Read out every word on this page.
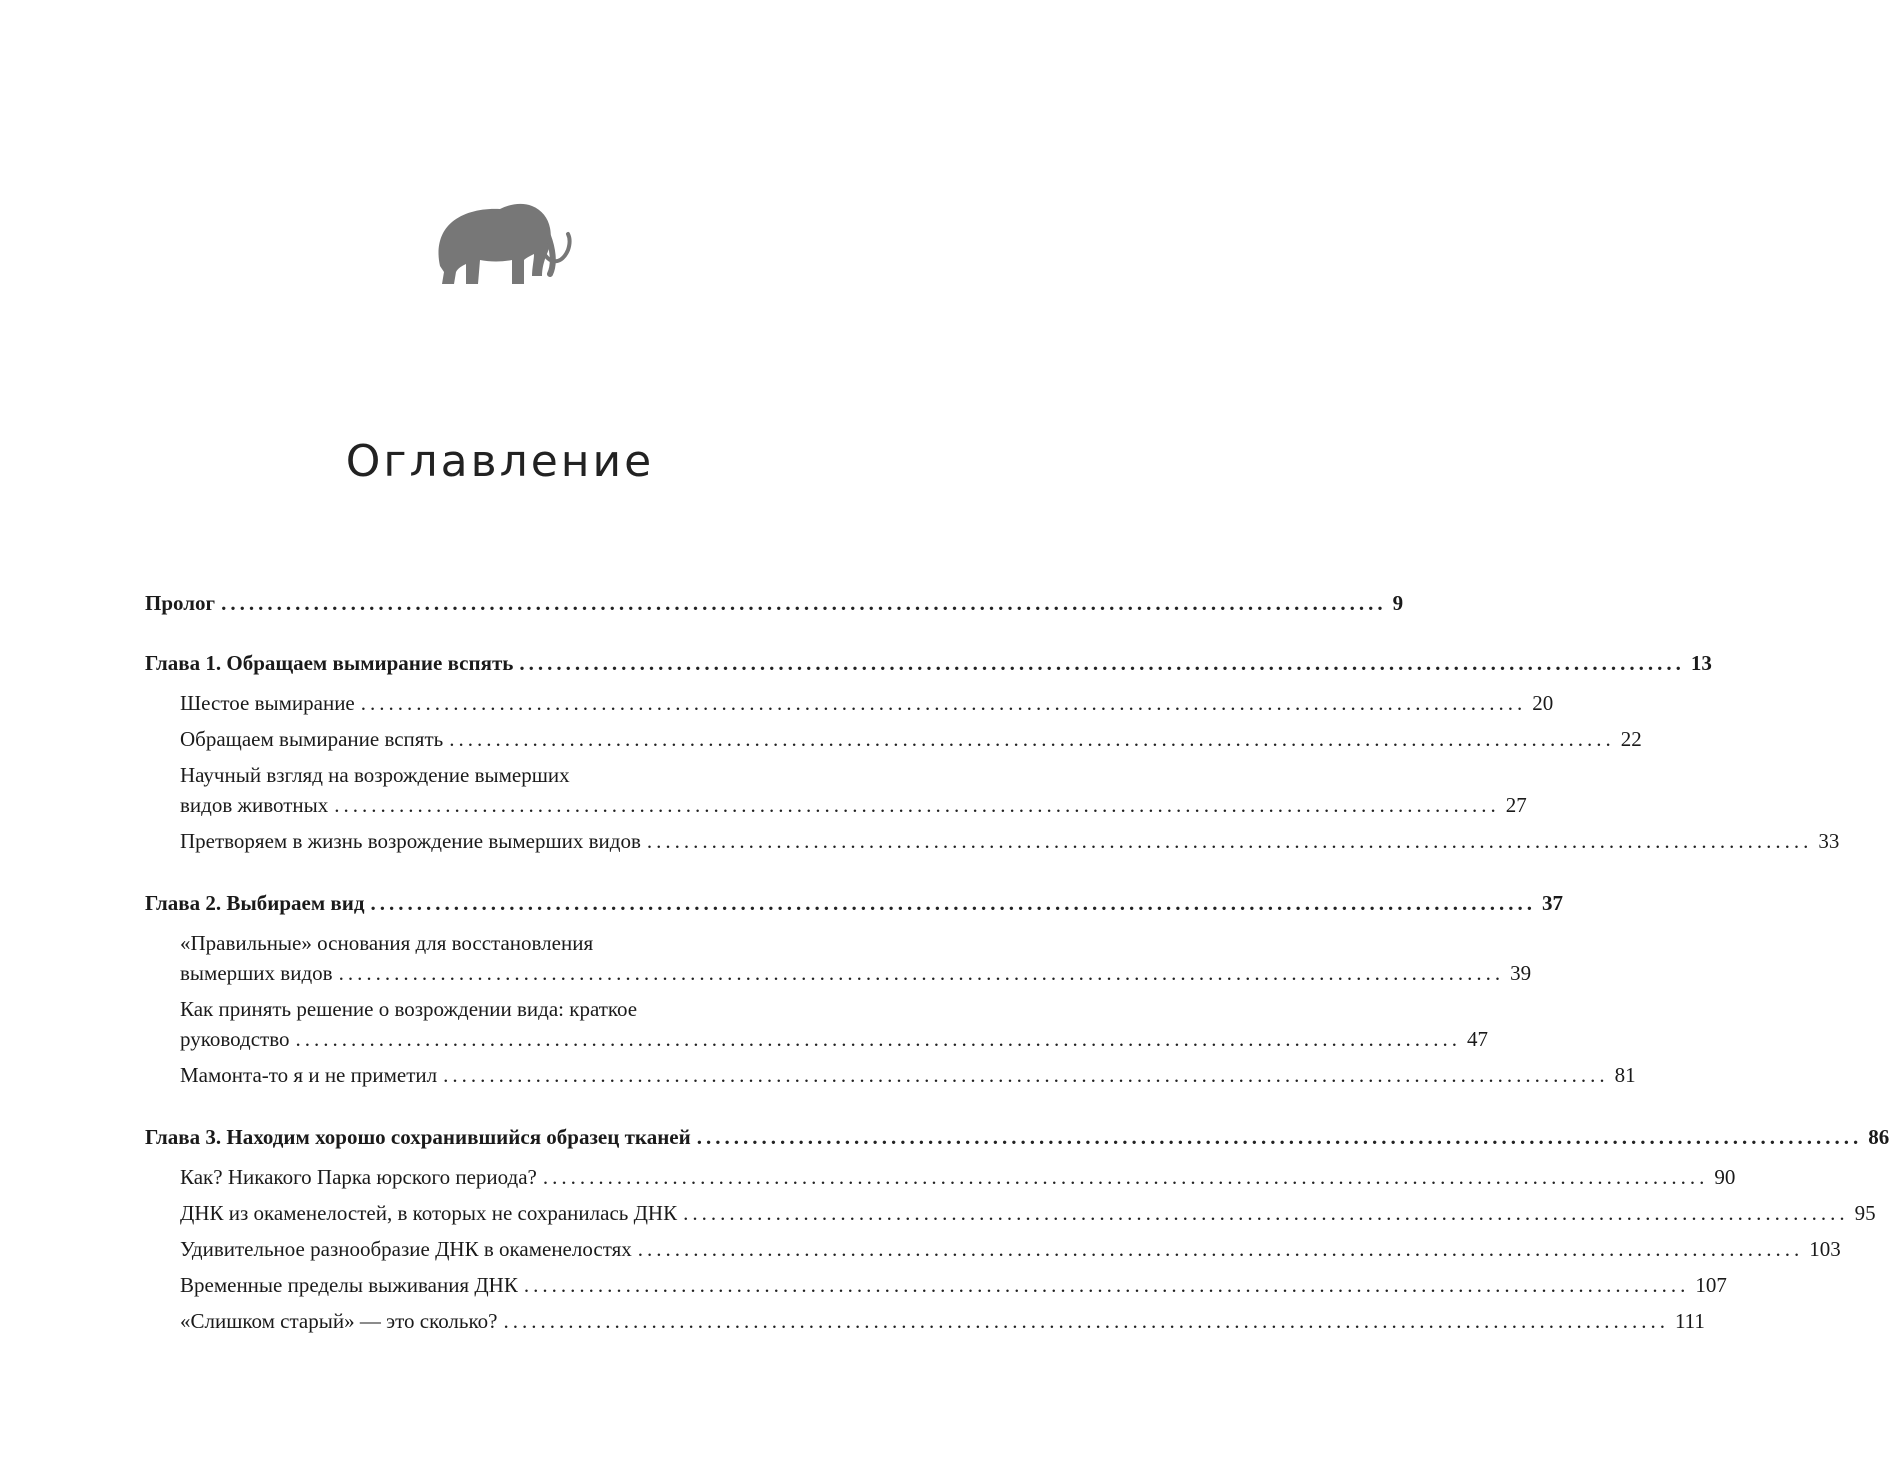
Оглавление
Пролог .............................................................................................................................. 9
Глава 1. Обращаем вымирание вспять .............................................................................................................................. 13
Шестое вымирание .............................................................................................................................. 20
Обращаем вымирание вспять .............................................................................................................................. 22
Научный взгляд на возрождение вымерших
видов животных .............................................................................................................................. 27
Претворяем в жизнь возрождение вымерших видов .............................................................................................................................. 33
Глава 2. Выбираем вид .............................................................................................................................. 37
«Правильные» основания для восстановления
вымерших видов .............................................................................................................................. 39
Как принять решение о возрождении вида: краткое
руководство .............................................................................................................................. 47
Мамонта-то я и не приметил .............................................................................................................................. 81
Глава 3. Находим хорошо сохранившийся образец тканей .............................................................................................................................. 86
Как? Никакого Парка юрского периода? .............................................................................................................................. 90
ДНК из окаменелостей, в которых не сохранилась ДНК .............................................................................................................................. 95
Удивительное разнообразие ДНК в окаменелостях .............................................................................................................................. 103
Временные пределы выживания ДНК .............................................................................................................................. 107
«Слишком старый» — это сколько? .............................................................................................................................. 111
